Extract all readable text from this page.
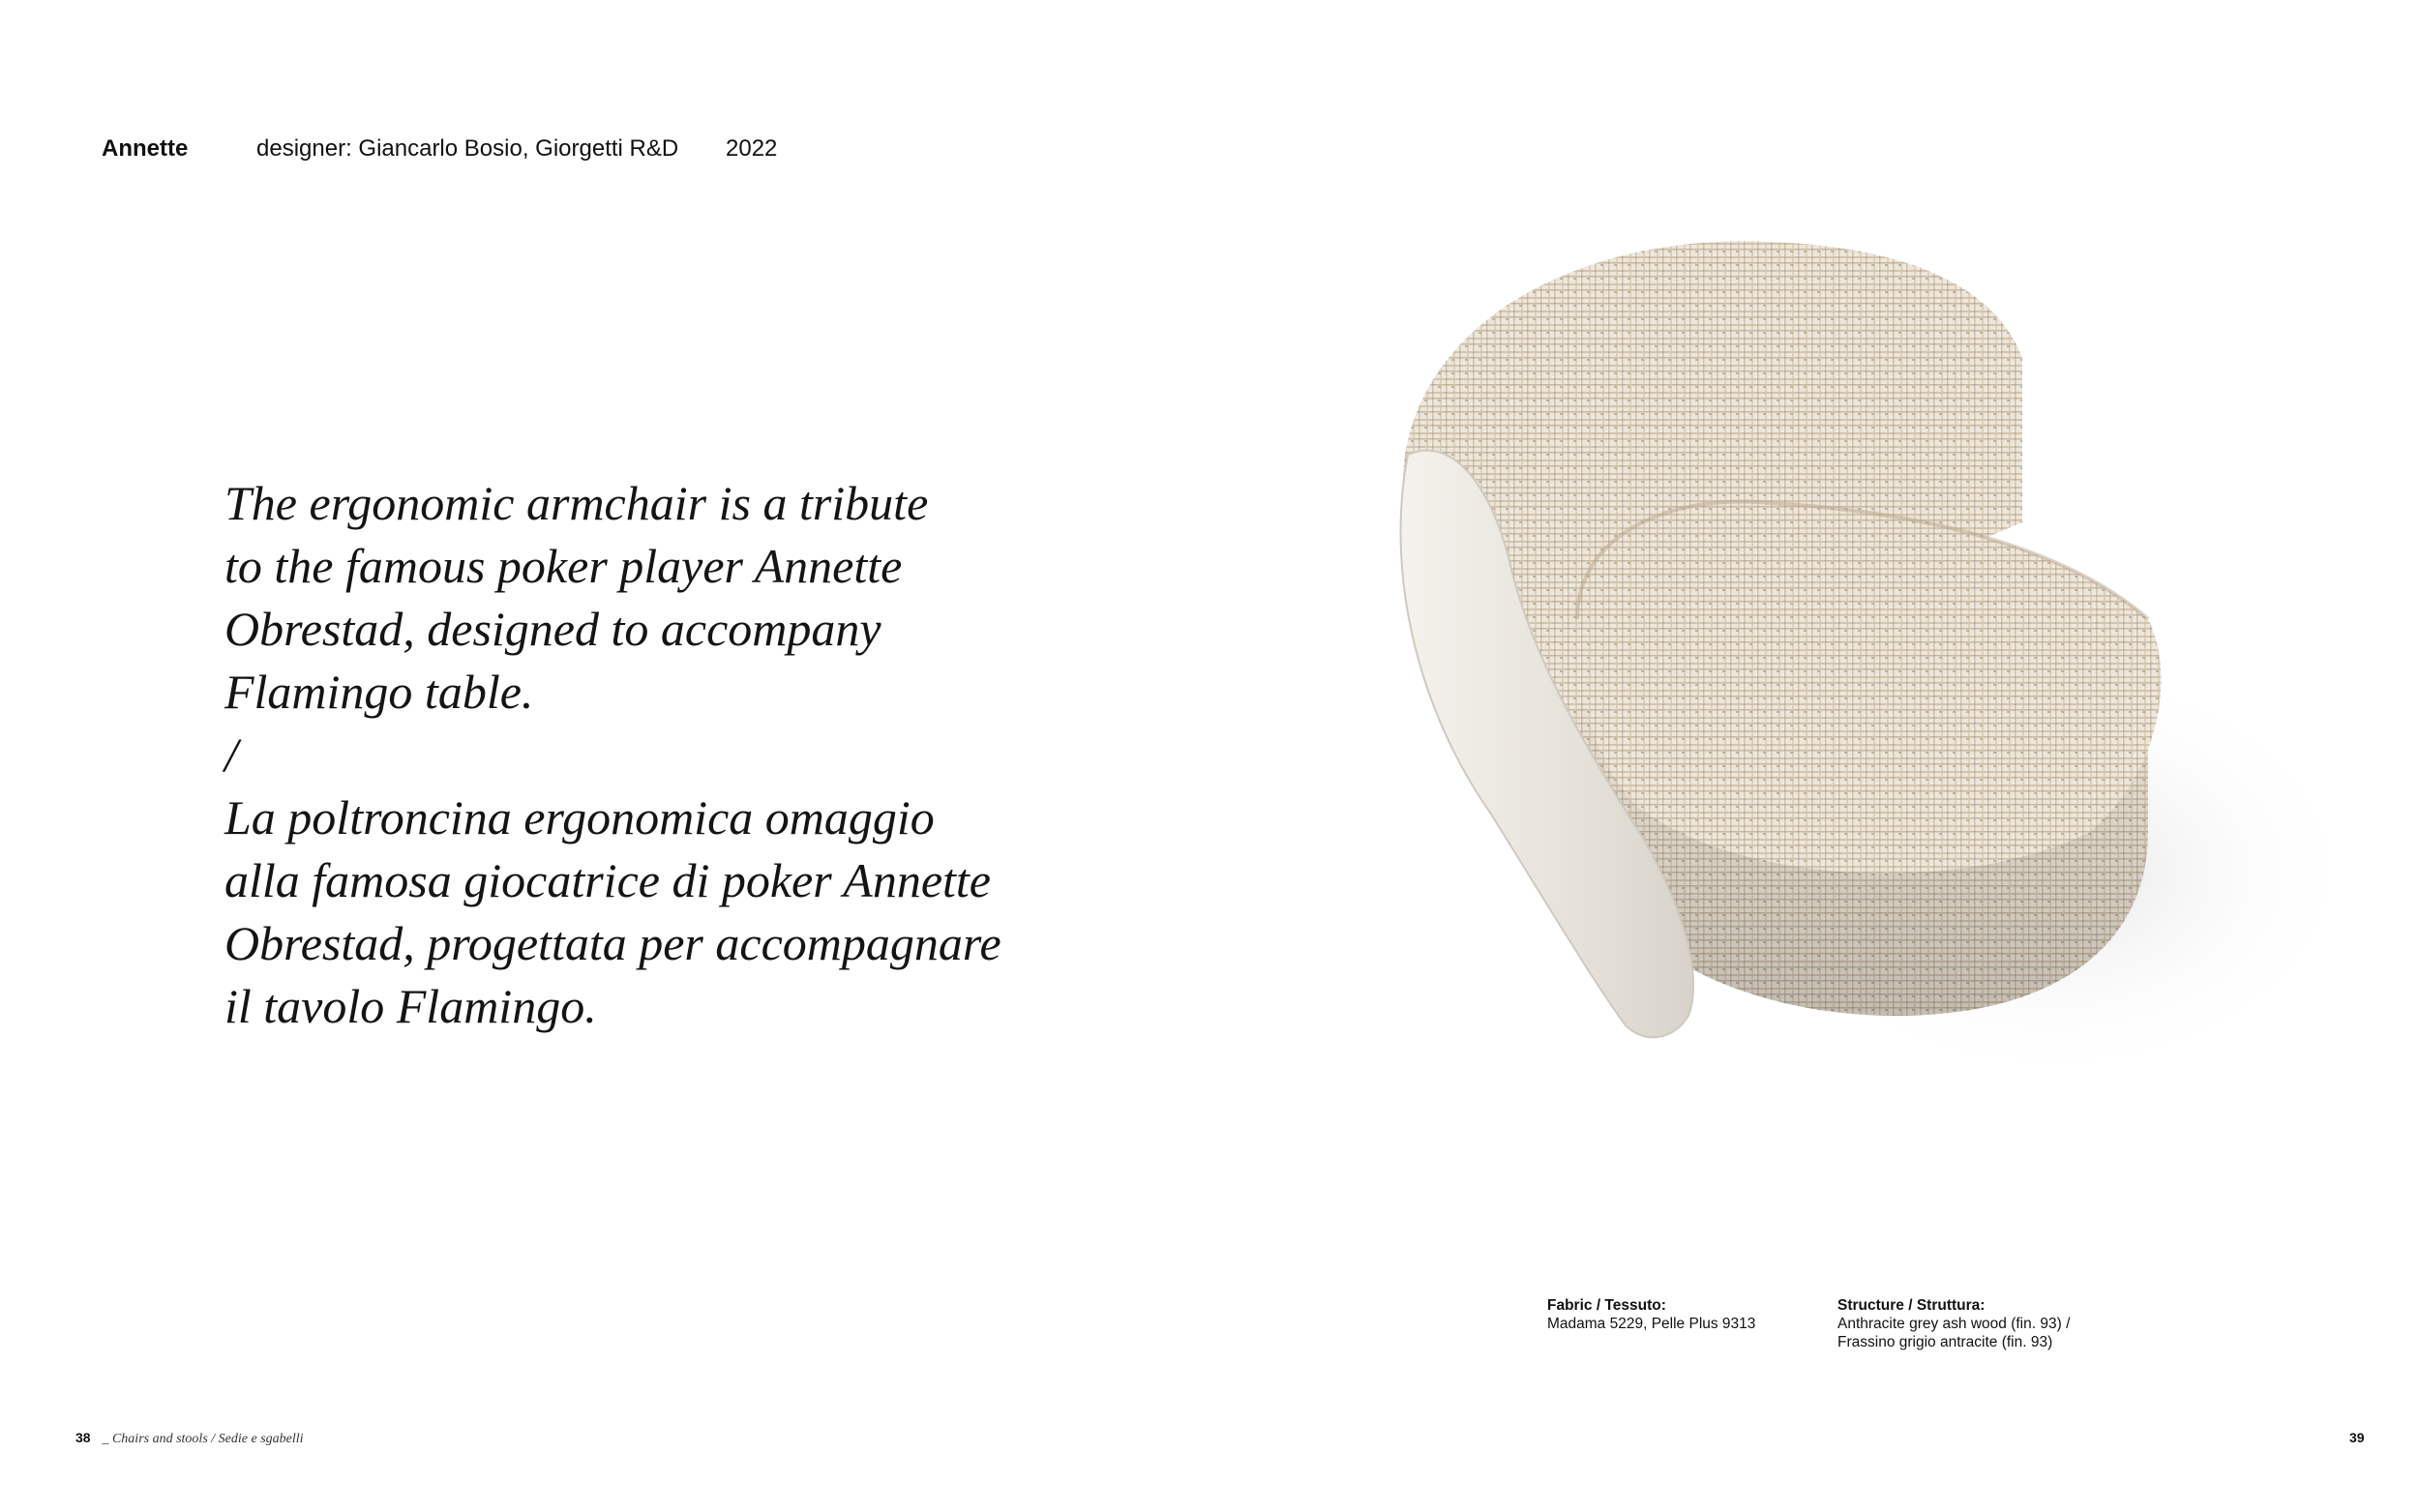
Annette	designer: Giancarlo Bosio, Giorgetti R&D 2022
The ergonomic armchair is a tribute
to the famous poker player Annette
Obrestad, designed to accompany
Flamingo table.
/
La poltroncina ergonomica omaggio
alla famosa giocatrice di poker Annette
Obrestad, progettata per accompagnare
il tavolo Flamingo.
Fabric / Tessuto:
Madama 5229, Pelle Plus 9313
Structure / Struttura:
Anthracite grey ash wood (fin. 93) /
Frassino grigio antracite (fin. 93)
38 _ Chairs and stools / Sedie e sgabelli	39
